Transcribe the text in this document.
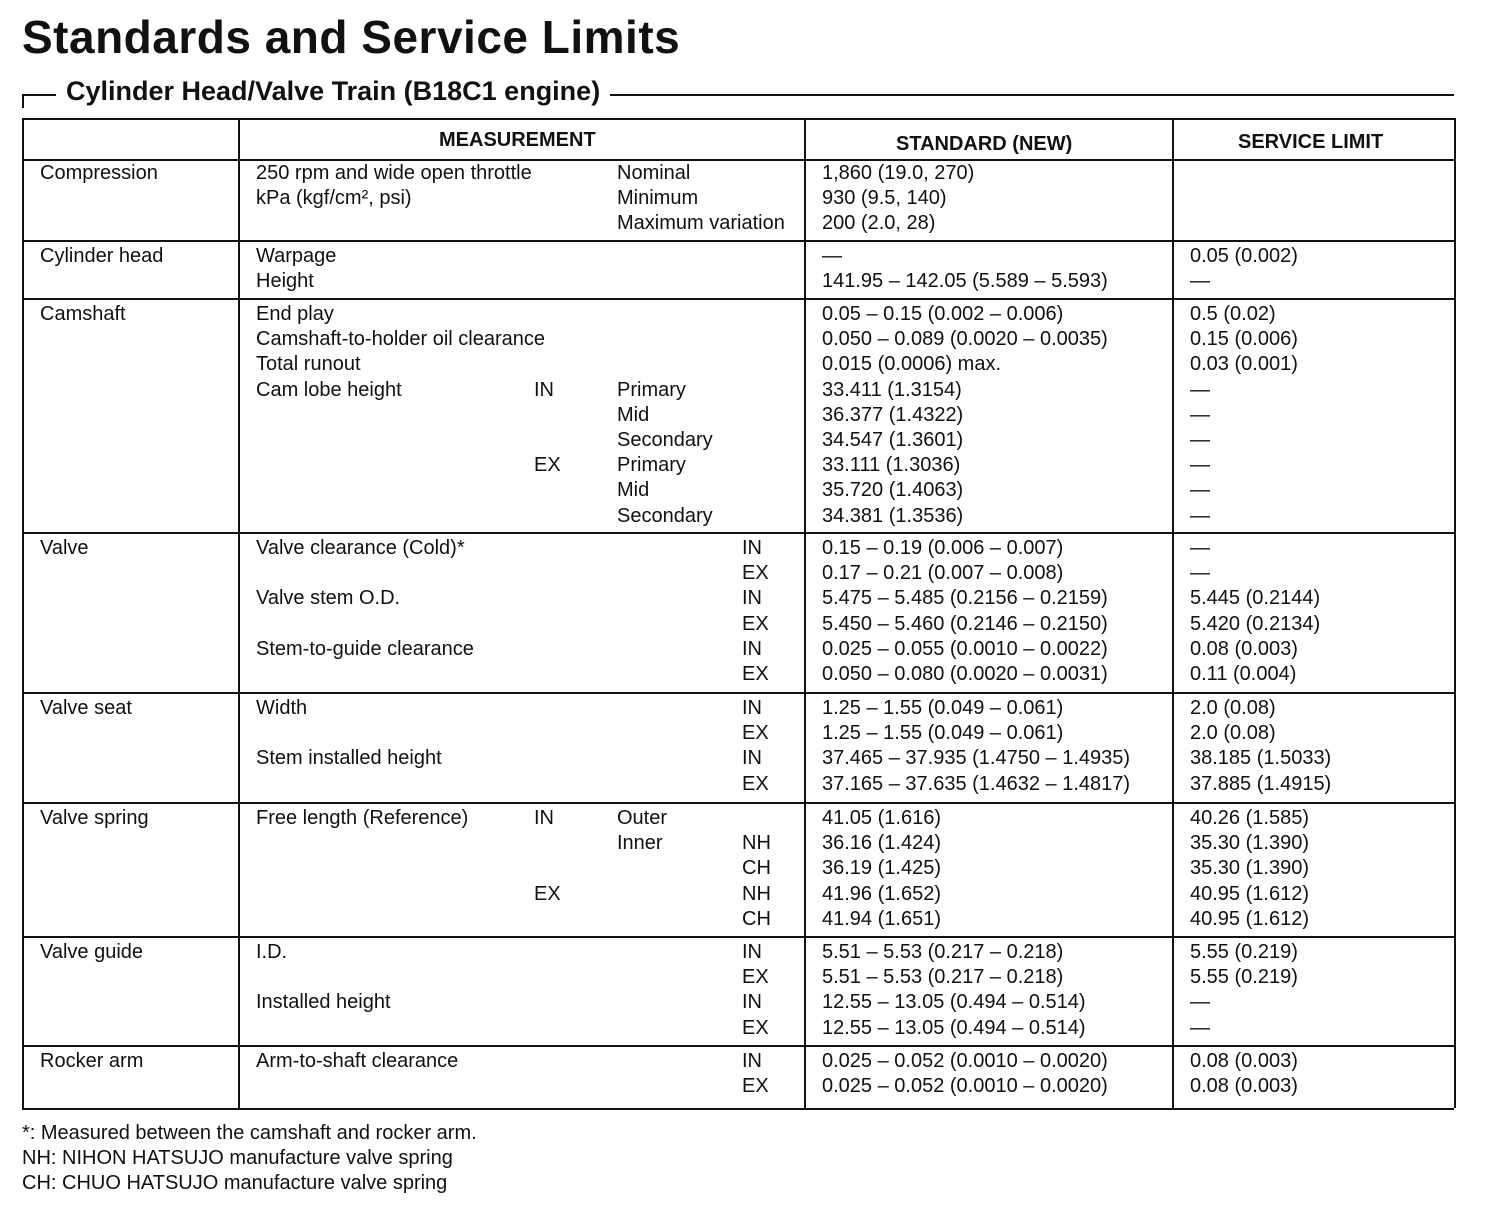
Standards and Service Limits
Cylinder Head/Valve Train (B18C1 engine)
MEASUREMENT	STANDARD (NEW)	SERVICE LIMIT
Compression	250 rpm and wide open throttle	Nominal	1,860 (19.0, 270)
kPa (kgf/cm², psi)	Minimum	930 (9.5, 140)
Maximum variation 200 (2.0, 28)
Cylinder head	Warpage	—	0.05 (0.002)
Height	141.95 – 142.05 (5.589 – 5.593)	—
Camshaft	End play	0.05 – 0.15 (0.002 – 0.006)	0.5 (0.02)
Camshaft-to-holder oil clearance	0.050 – 0.089 (0.0020 – 0.0035)	0.15 (0.006)
Total runout	0.015 (0.0006) max.	0.03 (0.001)
Cam lobe height	IN	Primary	33.411 (1.3154)	—
Mid	36.377 (1.4322)	—
Secondary	34.547 (1.3601)	—
EX	Primary	33.111 (1.3036)	—
Mid	35.720 (1.4063)	—
Secondary	34.381 (1.3536)	—
Valve	Valve clearance (Cold)*	IN	0.15 – 0.19 (0.006 – 0.007)	—
EX	0.17 – 0.21 (0.007 – 0.008)	—
Valve stem O.D.	IN	5.475 – 5.485 (0.2156 – 0.2159)	5.445 (0.2144)
EX	5.450 – 5.460 (0.2146 – 0.2150)	5.420 (0.2134)
Stem-to-guide clearance	IN	0.025 – 0.055 (0.0010 – 0.0022)	0.08 (0.003)
EX	0.050 – 0.080 (0.0020 – 0.0031)	0.11 (0.004)
Valve seat	Width	IN	1.25 – 1.55 (0.049 – 0.061)	2.0 (0.08)
EX	1.25 – 1.55 (0.049 – 0.061)	2.0 (0.08)
Stem installed height	IN	37.465 – 37.935 (1.4750 – 1.4935)	38.185 (1.5033)
EX	37.165 – 37.635 (1.4632 – 1.4817)	37.885 (1.4915)
Valve spring	Free length (Reference)	IN	Outer	41.05 (1.616)	40.26 (1.585)
Inner	NH	36.16 (1.424)	35.30 (1.390)
CH	36.19 (1.425)	35.30 (1.390)
EX	NH	41.96 (1.652)	40.95 (1.612)
CH	41.94 (1.651)	40.95 (1.612)
Valve guide	I.D.	IN	5.51 – 5.53 (0.217 – 0.218)	5.55 (0.219)
EX	5.51 – 5.53 (0.217 – 0.218)	5.55 (0.219)
Installed height	IN	12.55 – 13.05 (0.494 – 0.514)	—
EX	12.55 – 13.05 (0.494 – 0.514)	—
Rocker arm	Arm-to-shaft clearance	IN	0.025 – 0.052 (0.0010 – 0.0020)	0.08 (0.003)
EX	0.025 – 0.052 (0.0010 – 0.0020)	0.08 (0.003)
*: Measured between the camshaft and rocker arm.
NH: NIHON HATSUJO manufacture valve spring
CH: CHUO HATSUJO manufacture valve spring
